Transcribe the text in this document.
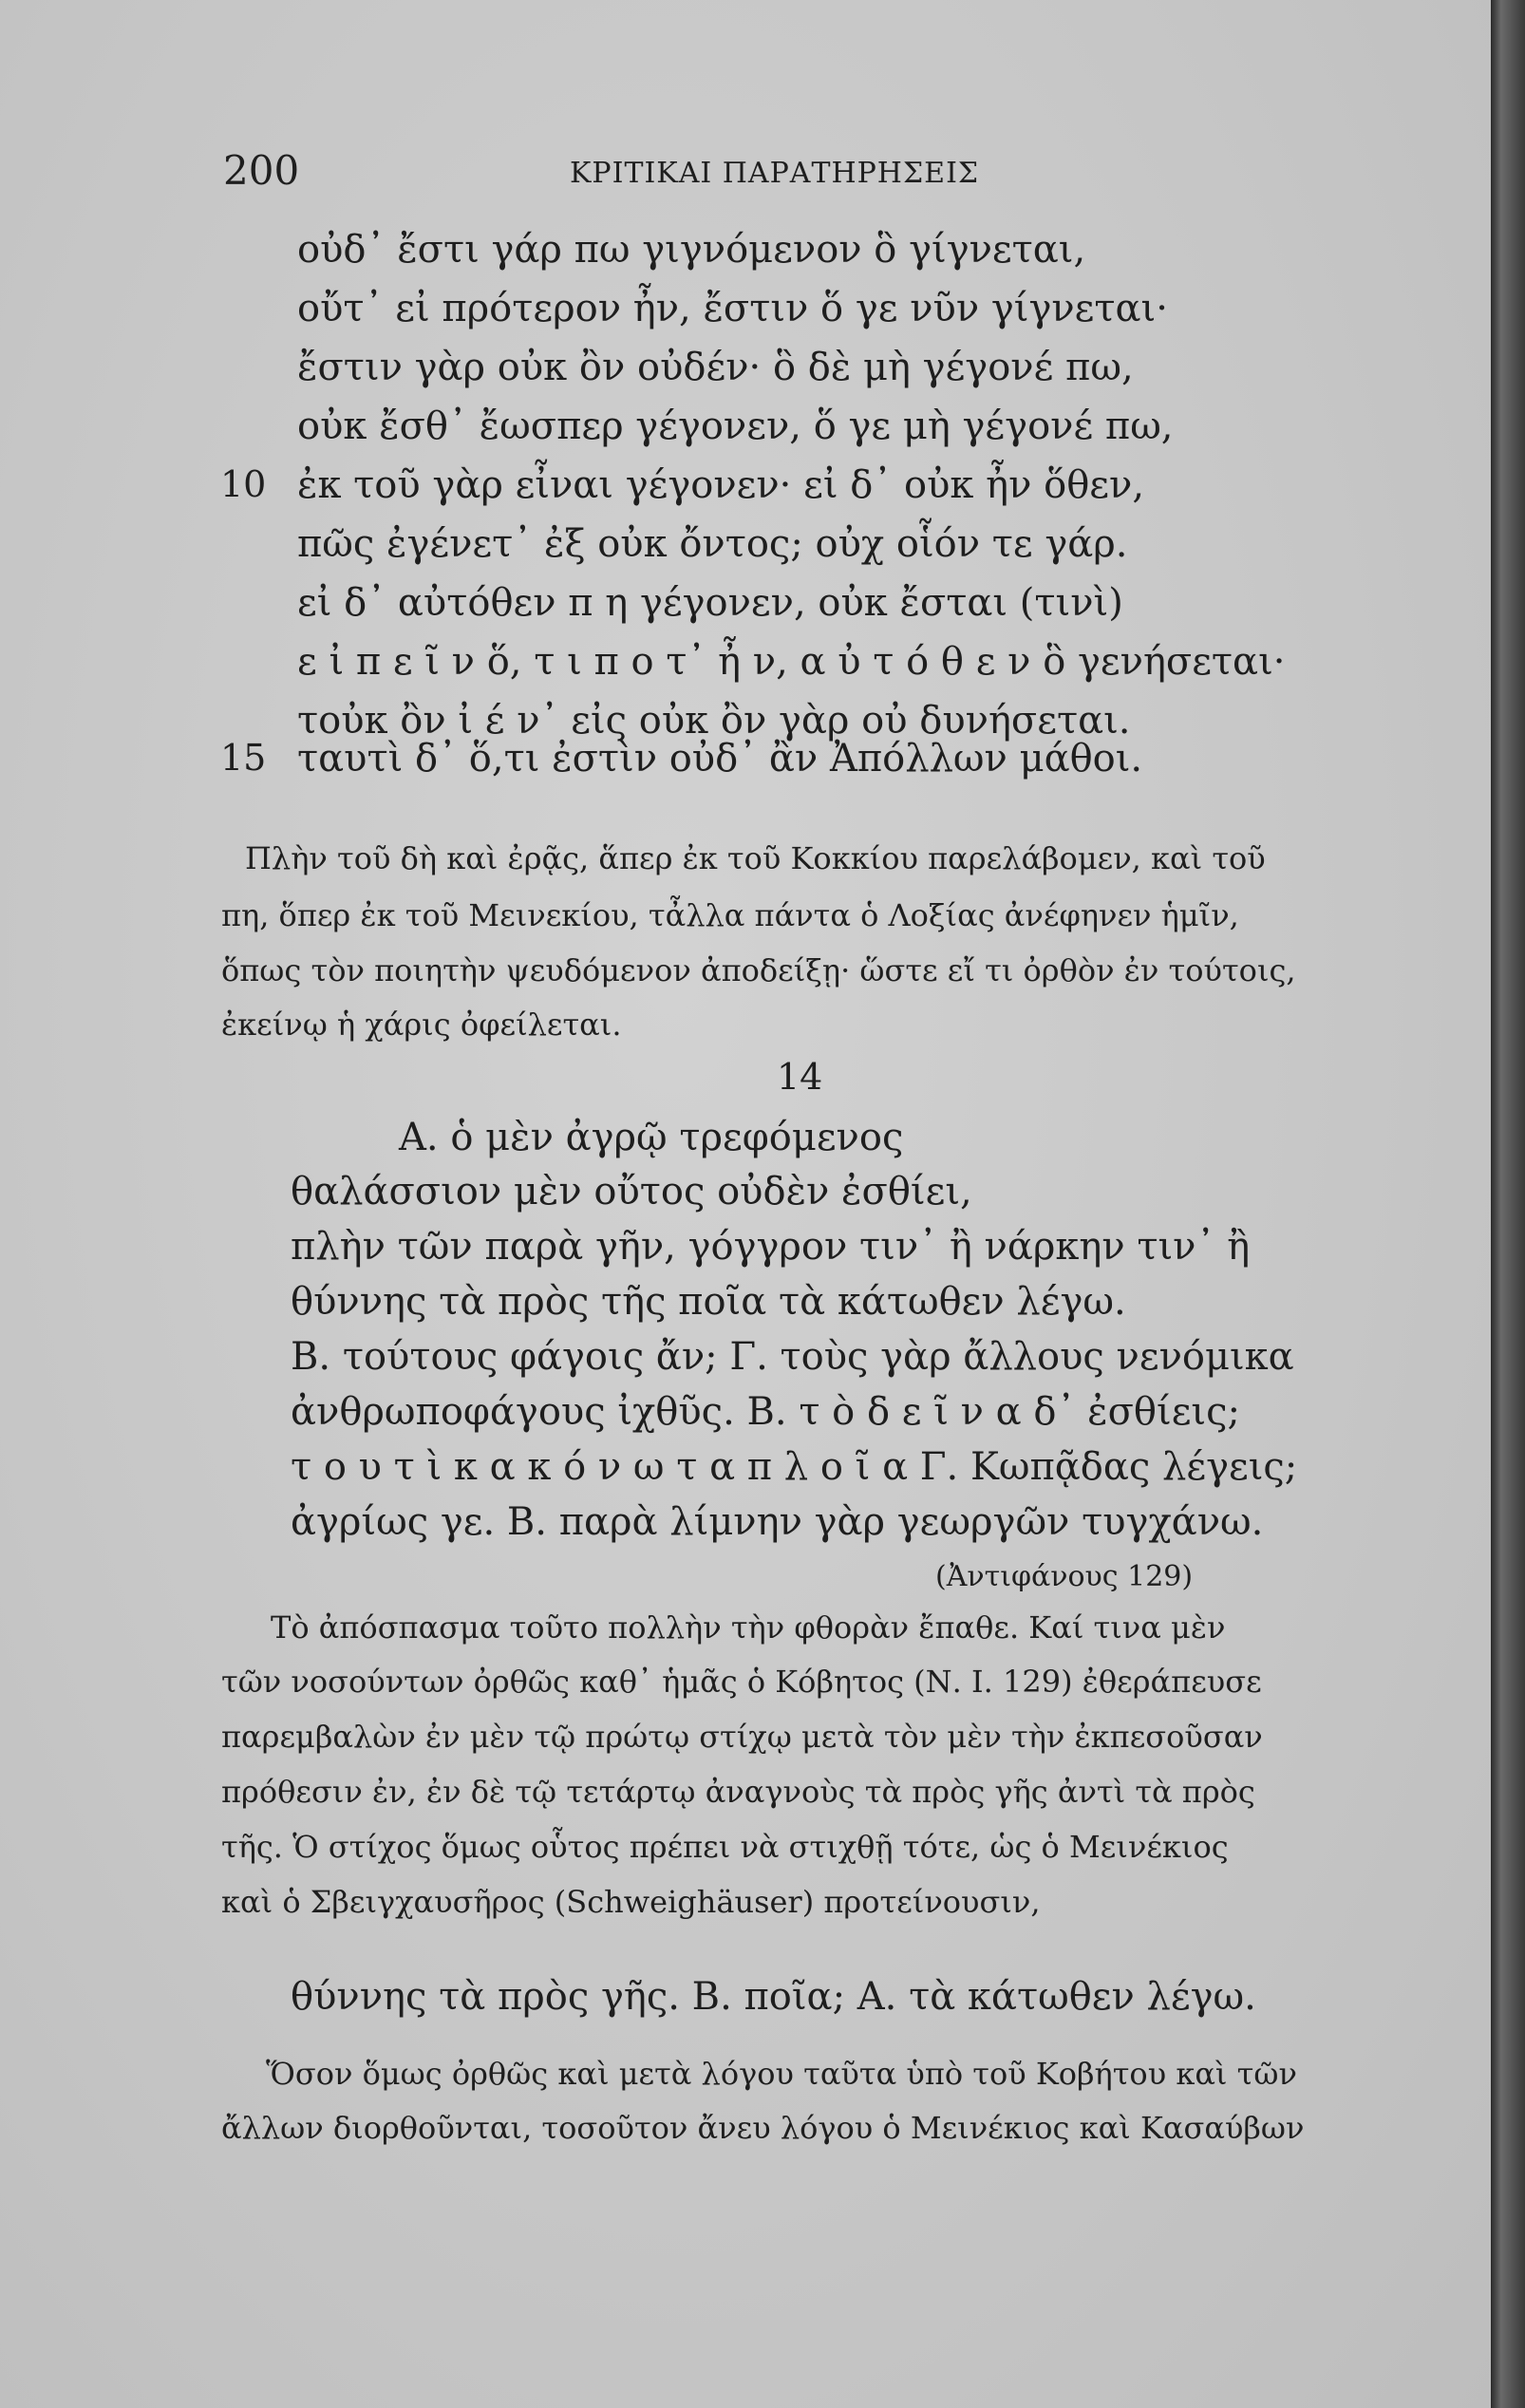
200	ΚΡΙΤΙΚΑΙ ΠΑΡΑΤΗΡΗΣΕΙΣ
οὐδ᾽ ἔστι γάρ πω γιγνόμενον ὃ γίγνεται,
οὔτ᾽ εἰ πρότερον ἦν, ἔστιν ὅ γε νῦν γίγνεται·
ἔστιν γὰρ οὐκ ὂν οὐδέν· ὃ δὲ μὴ γέγονέ πω,
οὐκ ἔσθ᾽ ἔωσπερ γέγονεν, ὅ γε μὴ γέγονέ πω,
10 ἐκ τοῦ γὰρ εἶναι γέγονεν· εἰ δ᾽ οὐκ ἦν ὅθεν,
πῶς ἐγένετ᾽ ἐξ οὐκ ὄντος; οὐχ οἷόν τε γάρ.
εἰ δ᾽ αὐτόθεν π η γέγονεν, οὐκ ἔσται (τινὶ)
ε ἰ π ε ῖ ν ὅ, τ ι π ο τ᾽ ἦ ν, α ὐ τ ό θ ε ν ὃ γενήσεται·
τοὐκ ὂν ἰ έ ν᾽ εἰς οὐκ ὂν γὰρ οὐ δυνήσεται.
15 ταυτὶ δ᾽ ὅ,τι ἐστὶν οὐδ᾽ ἂν Ἀπόλλων μάθοι.
Πλὴν τοῦ δὴ καὶ ἐρᾷς, ἅπερ ἐκ τοῦ Κοκκίου παρελάβομεν, καὶ τοῦ
πη, ὅπερ ἐκ τοῦ Μεινεκίου, τἆλλα πάντα ὁ Λοξίας ἀνέφηνεν ἡμῖν,
ὅπως τὸν ποιητὴν ψευδόμενον ἀποδείξῃ· ὥστε εἴ τι ὀρθὸν ἐν τούτοις,
ἐκείνῳ ἡ χάρις ὀφείλεται.
14
Α. ὁ μὲν ἀγρῷ τρεφόμενος
θαλάσσιον μὲν οὔτος οὐδὲν ἐσθίει,
πλὴν τῶν παρὰ γῆν, γόγγρον τιν᾽ ἢ νάρκην τιν᾽ ἢ
θύννης τὰ πρὸς τῆς ποῖα τὰ κάτωθεν λέγω.
Β. τούτους φάγοις ἄν; Γ. τοὺς γὰρ ἄλλους νενόμικα
ἀνθρωποφάγους ἰχθῦς. Β. τ ὸ δ ε ῖ ν α δ᾽ ἐσθίεις;
τ ο υ τ ὶ κ α κ ό ν ω τ α π λ ο ῖ α Γ. Κωπᾷδας λέγεις;
ἀγρίως γε. Β. παρὰ λίμνην γὰρ γεωργῶν τυγχάνω.
(Ἀντιφάνους 129)
Τὸ ἀπόσπασμα τοῦτο πολλὴν τὴν φθορὰν ἔπαθε. Καί τινα μὲν
τῶν νοσούντων ὀρθῶς καθ᾽ ἡμᾶς ὁ Κόβητος (Ν. Ι. 129) ἐθεράπευσε
παρεμβαλὼν ἐν μὲν τῷ πρώτῳ στίχῳ μετὰ τὸν μὲν τὴν ἐκπεσοῦσαν
πρόθεσιν ἐν, ἐν δὲ τῷ τετάρτῳ ἀναγνοὺς τὰ πρὸς γῆς ἀντὶ τὰ πρὸς
τῆς. Ὁ στίχος ὅμως οὗτος πρέπει νὰ στιχθῇ τότε, ὡς ὁ Μεινέκιος
καὶ ὁ Σβειγχαυσῆρος (Schweighäuser) προτείνουσιν,
θύννης τὰ πρὸς γῆς. Β. ποῖα; Α. τὰ κάτωθεν λέγω.
Ὅσον ὅμως ὀρθῶς καὶ μετὰ λόγου ταῦτα ὑπὸ τοῦ Κοβήτου καὶ τῶν
ἄλλων διορθοῦνται, τοσοῦτον ἄνευ λόγου ὁ Μεινέκιος καὶ Κασαύβων
